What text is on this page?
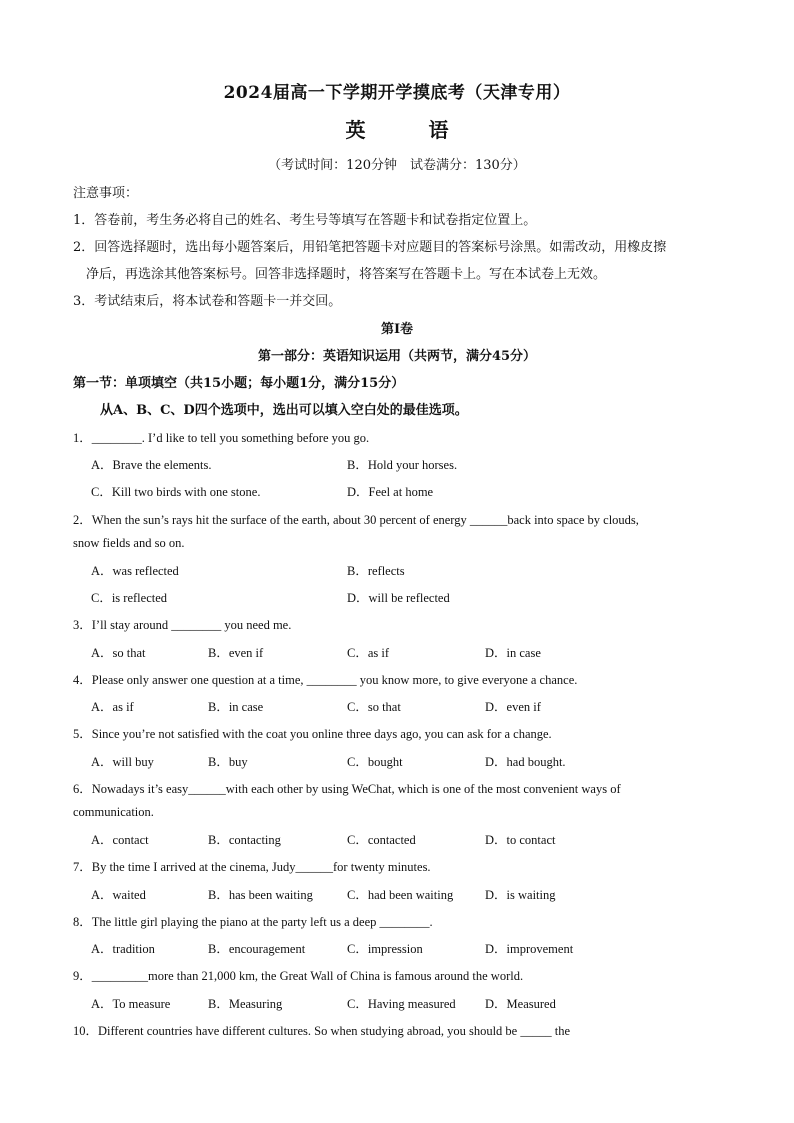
2024届高一下学期开学摸底考（天津专用）
英	语
（考试时间：120分钟　试卷满分：130分）
注意事项：
1．答卷前，考生务必将自己的姓名、考生号等填写在答题卡和试卷指定位置上。
2．回答选择题时，选出每小题答案后，用铅笔把答题卡对应题目的答案标号涂黑。如需改动，用橡皮擦
净后，再选涂其他答案标号。回答非选择题时，将答案写在答题卡上。写在本试卷上无效。
3．考试结束后，将本试卷和答题卡一并交回。
第I卷
第一部分：英语知识运用（共两节，满分45分）
第一节：单项填空（共15小题；每小题1分，满分15分）
从A、B、C、D四个选项中，选出可以填入空白处的最佳选项。
1．________. I’d like to tell you something before you go.
A．Brave the elements.	B．Hold your horses.
C．Kill two birds with one stone.	D．Feel at home
2．When the sun’s rays hit the surface of the earth, about 30 percent of energy ______back into space by clouds,
snow fields and so on.
A．was reflected	B．reflects
C．is reflected	D．will be reflected
3．I’ll stay around ________ you need me.
A．so that	B．even if	C．as if	D．in case
4．Please only answer one question at a time, ________ you know more, to give everyone a chance.
A．as if	B．in case	C．so that	D．even if
5．Since you’re not satisfied with the coat you online three days ago, you can ask for a change.
A．will buy	B．buy	C．bought	D．had bought.
6．Nowadays it’s easy______with each other by using WeChat, which is one of the most convenient ways of
communication.
A．contact	B．contacting	C．contacted	D．to contact
7．By the time I arrived at the cinema, Judy______for twenty minutes.
A．waited	B．has been waiting	C．had been waiting	D．is waiting
8．The little girl playing the piano at the party left us a deep ________.
A．tradition	B．encouragement	C．impression	D．improvement
9．_________more than 21,000 km, the Great Wall of China is famous around the world.
A．To measure	B．Measuring	C．Having measured D．Measured
10．Different countries have different cultures. So when studying abroad, you should be _____ the
